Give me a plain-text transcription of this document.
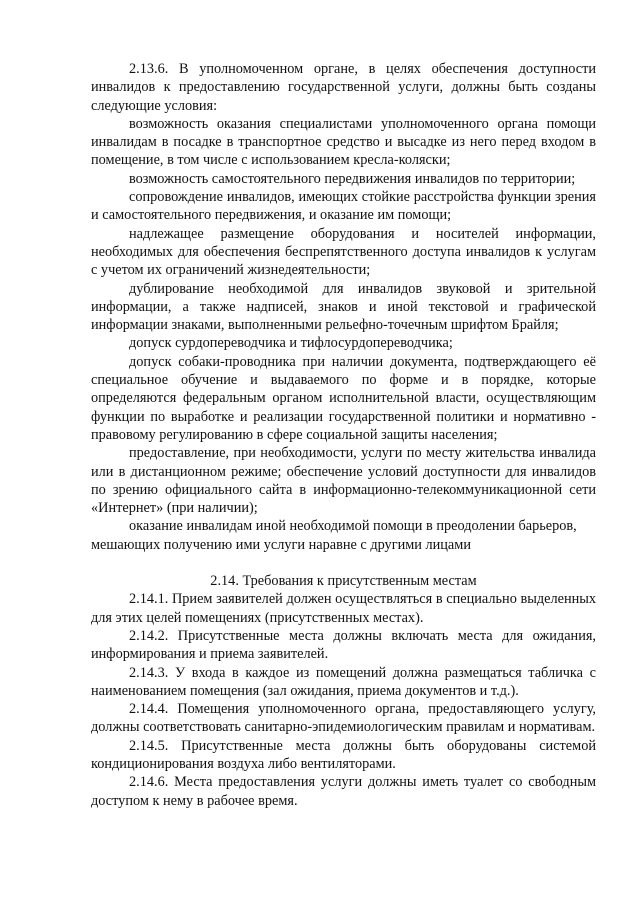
2.13.6. В уполномоченном органе, в целях обеспечения доступности инвалидов к предоставлению государственной услуги, должны быть созданы следующие условия:

возможность оказания специалистами уполномоченного органа помощи инвалидам в посадке в транспортное средство и высадке из него перед входом в помещение, в том числе с использованием кресла-коляски;

возможность самостоятельного передвижения инвалидов по территории;

сопровождение инвалидов, имеющих стойкие расстройства функции зрения и самостоятельного передвижения, и оказание им помощи;

надлежащее размещение оборудования и носителей информации, необходимых для обеспечения беспрепятственного доступа инвалидов к услугам с учетом их ограничений жизнедеятельности;

дублирование необходимой для инвалидов звуковой и зрительной информации, а также надписей, знаков и иной текстовой и графической информации знаками, выполненными рельефно-точечным шрифтом Брайля;

допуск сурдопереводчика и тифлосурдопереводчика;

допуск собаки-проводника при наличии документа, подтверждающего её специальное обучение и выдаваемого по форме и в порядке, которые определяются федеральным органом исполнительной власти, осуществляющим функции по выработке и реализации государственной политики и нормативно - правовому регулированию в сфере социальной защиты населения;

предоставление, при необходимости, услуги по месту жительства инвалида или в дистанционном режиме; обеспечение условий доступности для инвалидов по зрению официального сайта в информационно-телекоммуникационной сети «Интернет» (при наличии);

оказание инвалидам иной необходимой помощи в преодолении барьеров, мешающих получению ими услуги наравне с другими лицами

2.14. Требования к присутственным местам

2.14.1. Прием заявителей должен осуществляться в специально выделенных для этих целей помещениях (присутственных местах).

2.14.2. Присутственные места должны включать места для ожидания, информирования и приема заявителей.

2.14.3. У входа в каждое из помещений должна размещаться табличка с наименованием помещения (зал ожидания, приема документов и т.д.).

2.14.4. Помещения уполномоченного органа, предоставляющего услугу, должны соответствовать санитарно-эпидемиологическим правилам и нормативам.

2.14.5. Присутственные места должны быть оборудованы системой кондиционирования воздуха либо вентиляторами.

2.14.6. Места предоставления услуги должны иметь туалет со свободным доступом к нему в рабочее время.
